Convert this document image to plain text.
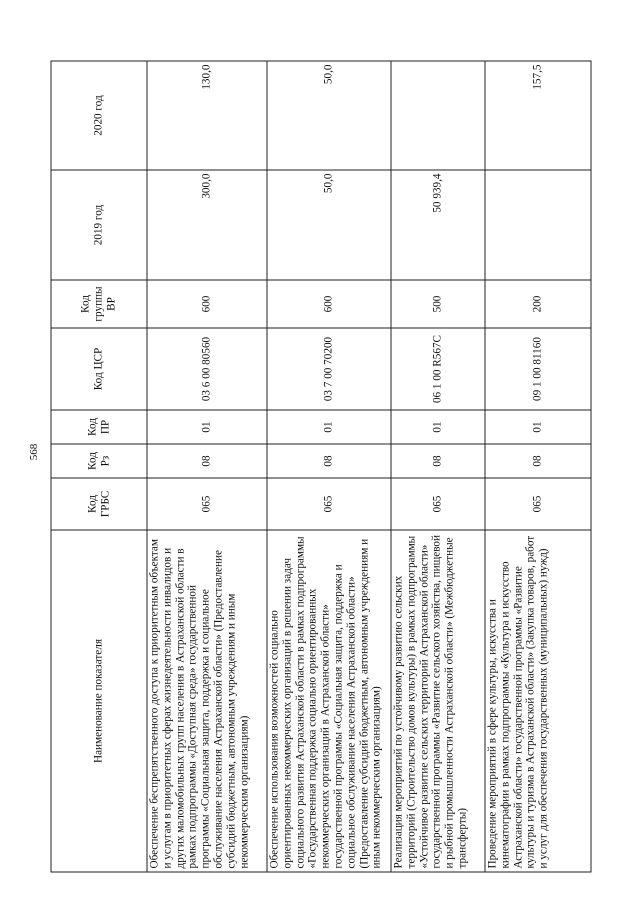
568
Наименование показателя	Код ГРБС	Код Рз	Код ПР	Код ЦСР	Код группы ВР	2019 год	2020 год
Обеспечение беспрепятственного доступа к приоритетным объектам и услугам в приоритетных сферах жизнедеятельности инвалидов и других маломобильных групп населения в Астраханской области в рамках подпрограммы «Доступная среда» государственной программы «Социальная защита, поддержка и социальное обслуживание населения Астраханской области» (Предоставление субсидий бюджетным, автономным учреждениям и иным некоммерческим организациям)	065	08	01	03 6 00 80560	600	300,0	130,0
Обеспечение использования возможностей социально ориентированных некоммерческих организаций в решении задач социального развития Астраханской области в рамках подпрограммы «Государственная поддержка социально ориентированных некоммерческих организаций в Астраханской области» государственной программы «Социальная защита, поддержка и социальное обслуживание населения Астраханской области» (Предоставление субсидий бюджетным, автономным учреждениям и иным некоммерческим организациям)	065	08	01	03 7 00 70200	600	50,0	50,0
Реализация мероприятий по устойчивому развитию сельских территорий (Строительство домов культуры) в рамках подпрограммы «Устойчивое развитие сельских территорий Астраханской области» государственной программы «Развитие сельского хозяйства, пищевой и рыбной промышленности Астраханской области» (Межбюджетные трансферты)	065	08	01	06 1 00 R567C	500	50 939,4	
Проведение мероприятий в сфере культуры, искусства и кинематографии в рамках подпрограммы «Культура и искусство Астраханской области» государственной программы «Развитие культуры и туризма в Астраханской области» (Закупка товаров, работ и услуг для обеспечения государственных (муниципальных) нужд)	065	08	01	09 1 00 81160	200		157,5
